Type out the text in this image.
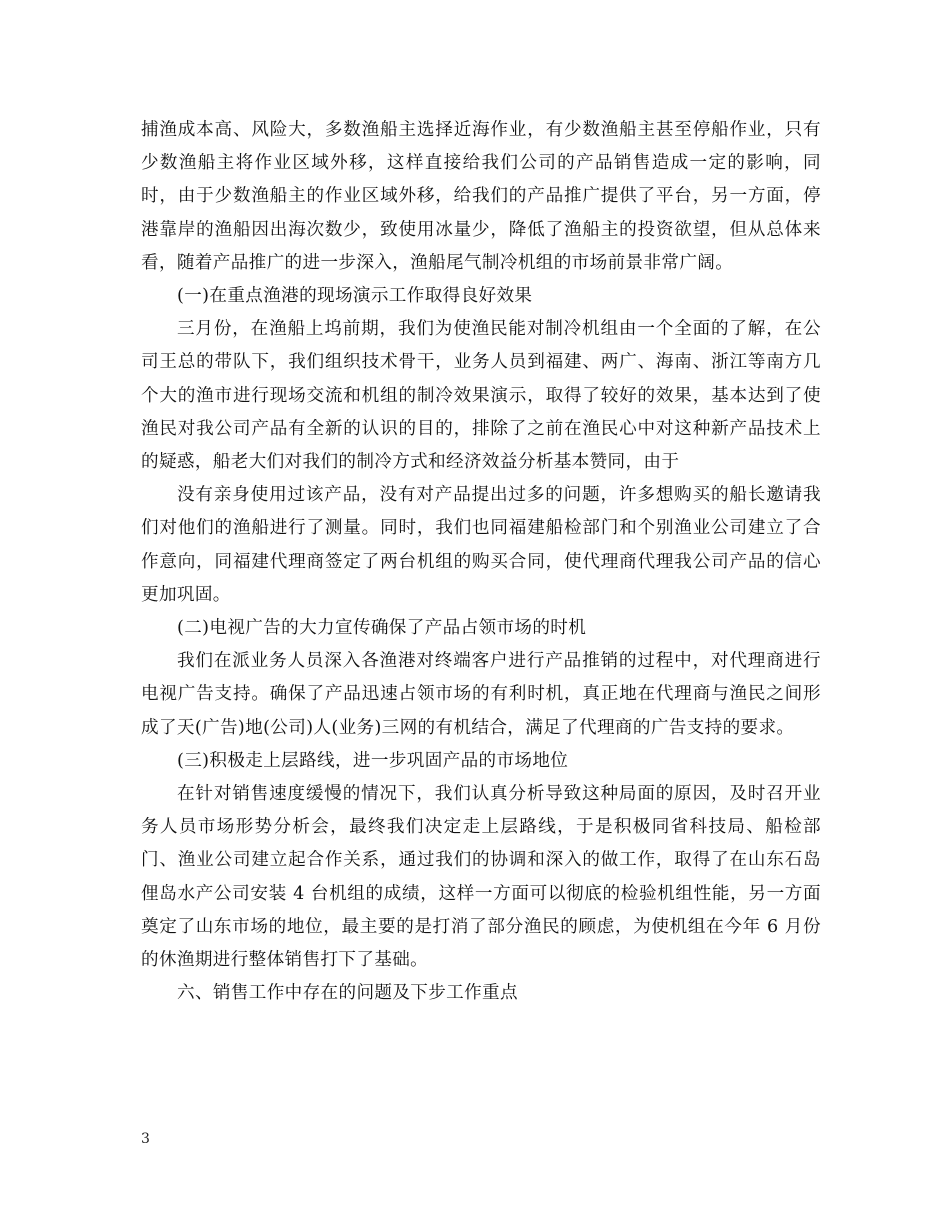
捕渔成本高、风险大，多数渔船主选择近海作业，有少数渔船主甚至停船作业，只有少数渔船主将作业区域外移，这样直接给我们公司的产品销售造成一定的影响，同时，由于少数渔船主的作业区域外移，给我们的产品推广提供了平台，另一方面，停港靠岸的渔船因出海次数少，致使用冰量少，降低了渔船主的投资欲望，但从总体来看，随着产品推广的进一步深入，渔船尾气制冷机组的市场前景非常广阔。

(一)在重点渔港的现场演示工作取得良好效果

三月份，在渔船上坞前期，我们为使渔民能对制冷机组由一个全面的了解，在公司王总的带队下，我们组织技术骨干，业务人员到福建、两广、海南、浙江等南方几个大的渔市进行现场交流和机组的制冷效果演示，取得了较好的效果，基本达到了使渔民对我公司产品有全新的认识的目的，排除了之前在渔民心中对这种新产品技术上的疑惑，船老大们对我们的制冷方式和经济效益分析基本赞同，由于

没有亲身使用过该产品，没有对产品提出过多的问题，许多想购买的船长邀请我们对他们的渔船进行了测量。同时，我们也同福建船检部门和个别渔业公司建立了合作意向，同福建代理商签定了两台机组的购买合同，使代理商代理我公司产品的信心更加巩固。

(二)电视广告的大力宣传确保了产品占领市场的时机

我们在派业务人员深入各渔港对终端客户进行产品推销的过程中，对代理商进行电视广告支持。确保了产品迅速占领市场的有利时机，真正地在代理商与渔民之间形成了天(广告)地(公司)人(业务)三网的有机结合，满足了代理商的广告支持的要求。

(三)积极走上层路线，进一步巩固产品的市场地位

在针对销售速度缓慢的情况下，我们认真分析导致这种局面的原因，及时召开业务人员市场形势分析会，最终我们决定走上层路线，于是积极同省科技局、船检部门、渔业公司建立起合作关系，通过我们的协调和深入的做工作，取得了在山东石岛俚岛水产公司安装 4 台机组的成绩，这样一方面可以彻底的检验机组性能，另一方面奠定了山东市场的地位，最主要的是打消了部分渔民的顾虑，为使机组在今年 6 月份的休渔期进行整体销售打下了基础。

六、销售工作中存在的问题及下步工作重点

3
